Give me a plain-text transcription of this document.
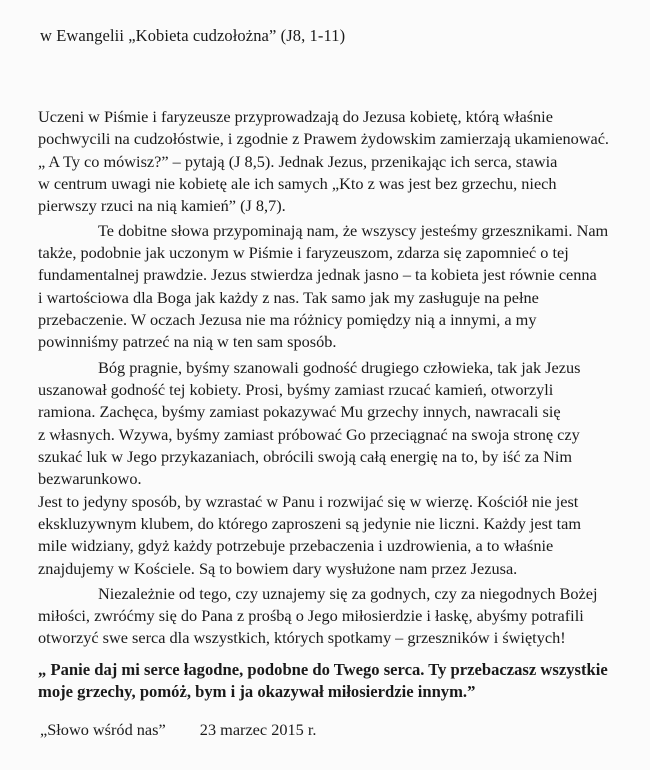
w Ewangelii „Kobieta cudzołożna” (J8, 1-11)
Uczeni w Piśmie i faryzeusze przyprowadzają do Jezusa kobietę, którą właśnie
pochwycili na cudzołóstwie, i zgodnie z Prawem żydowskim zamierzają ukamienować.
„ A Ty co mówisz?” – pytają (J 8,5). Jednak Jezus, przenikając ich serca, stawia
w centrum uwagi nie kobietę ale ich samych „Kto z was jest bez grzechu, niech
pierwszy rzuci na nią kamień” (J 8,7).
Te dobitne słowa przypominają nam, że wszyscy jesteśmy grzesznikami. Nam
także, podobnie jak uczonym w Piśmie i faryzeuszom, zdarza się zapomnieć o tej
fundamentalnej prawdzie. Jezus stwierdza jednak jasno – ta kobieta jest równie cenna
i wartościowa dla Boga jak każdy z nas. Tak samo jak my zasługuje na pełne
przebaczenie. W oczach Jezusa nie ma różnicy pomiędzy nią a innymi, a my
powinniśmy patrzeć na nią w ten sam sposób.
Bóg pragnie, byśmy szanowali godność drugiego człowieka, tak jak Jezus
uszanował godność tej kobiety. Prosi, byśmy zamiast rzucać kamień, otworzyli
ramiona. Zachęca, byśmy zamiast pokazywać Mu grzechy innych, nawracali się
z własnych. Wzywa, byśmy zamiast próbować Go przeciągnać na swoja stronę czy
szukać luk w Jego przykazaniach, obrócili swoją całą energię na to, by iść za Nim
bezwarunkowo.
Jest to jedyny sposób, by wzrastać w Panu i rozwijać się w wierzę. Kościół nie jest
ekskluzywnym klubem, do którego zaproszeni są jedynie nie liczni. Każdy jest tam
mile widziany, gdyż każdy potrzebuje przebaczenia i uzdrowienia, a to właśnie
znajdujemy w Kościele. Są to bowiem dary wysłużone nam przez Jezusa.
Niezależnie od tego, czy uznajemy się za godnych, czy za niegodnych Bożej
miłości, zwróćmy się do Pana z prośbą o Jego miłosierdzie i łaskę, abyśmy potrafili
otworzyć swe serca dla wszystkich, których spotkamy – grzeszników i świętych!
„ Panie daj mi serce łagodne, podobne do Twego serca. Ty przebaczasz wszystkie
moje grzechy, pomóż, bym i ja okazywał miłosierdzie innym.”
„Słowo wśród nas” 23 marzec 2015 r.
